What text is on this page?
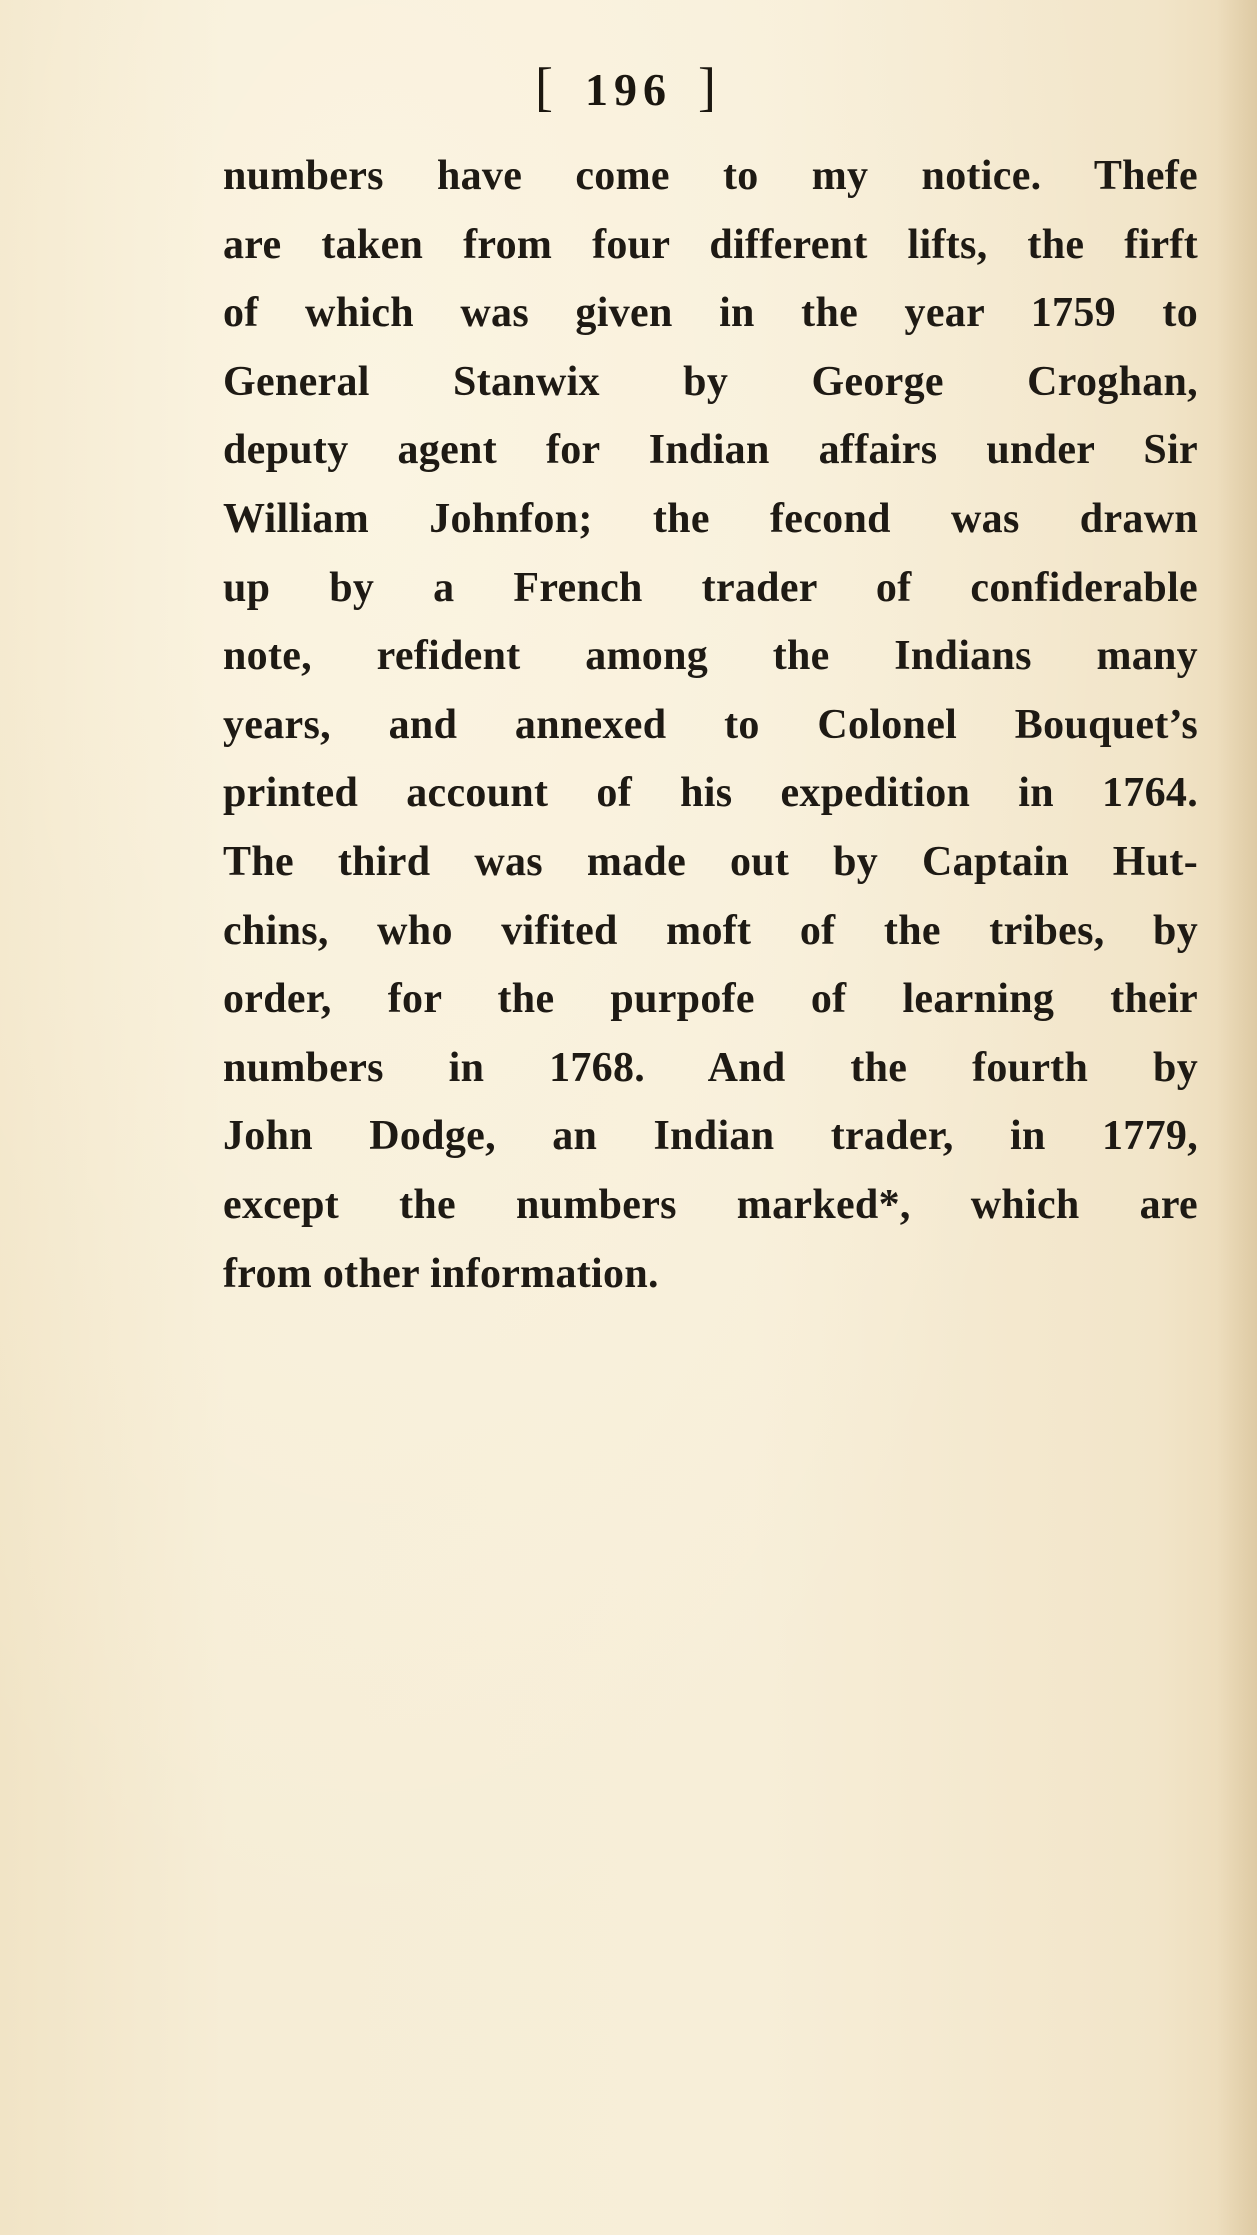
[ 196 ]
numbers have come to my notice. Thefe
are taken from four different lifts, the firft
of which was given in the year 1759 to
General Stanwix by George Croghan,
deputy agent for Indian affairs under Sir
William Johnfon; the fecond was drawn
up by a French trader of confiderable
note, refident among the Indians many
years, and annexed to Colonel Bouquet’s
printed account of his expedition in 1764.
The third was made out by Captain Hut-
chins, who vifited moft of the tribes, by
order, for the purpofe of learning their
numbers in 1768. And the fourth by
John Dodge, an Indian trader, in 1779,
except the numbers marked*, which are
from other information.
